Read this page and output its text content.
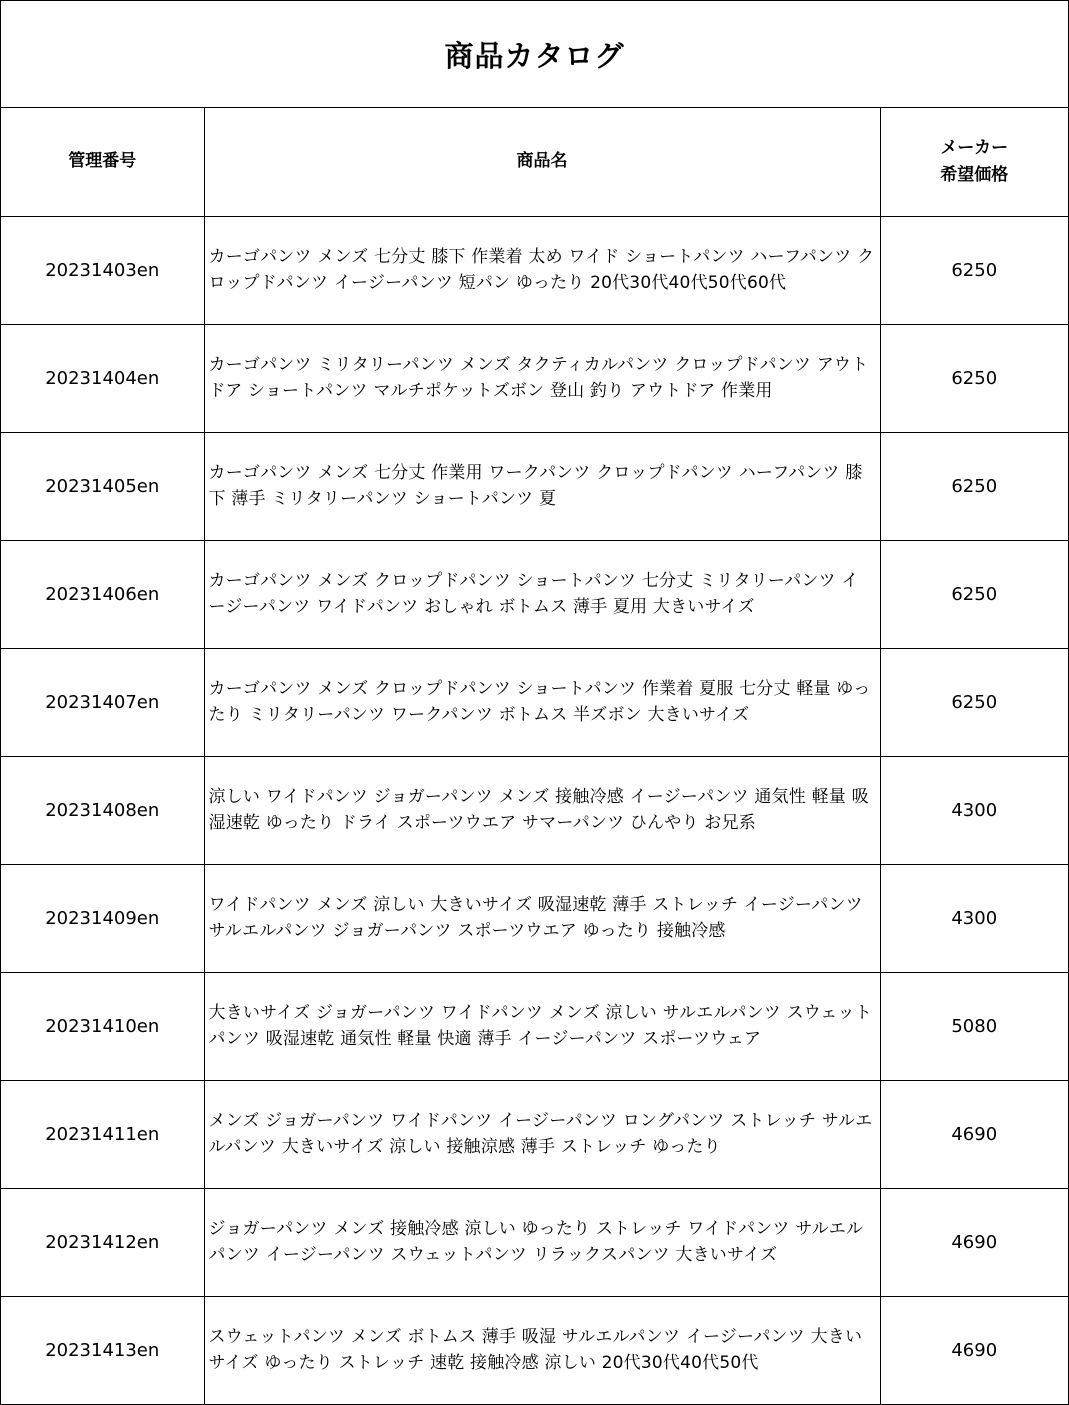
商品カタログ
管理番号	商品名	メーカー
希望価格

20231403en	カーゴパンツ メンズ 七分丈 膝下 作業着 太め ワイド ショートパンツ ハーフパンツ クロップドパンツ イージーパンツ 短パン ゆったり 20代30代40代50代60代	6250
20231404en	カーゴパンツ ミリタリーパンツ メンズ タクティカルパンツ クロップドパンツ アウトドア ショートパンツ マルチポケットズボン 登山 釣り アウトドア 作業用	6250
20231405en	カーゴパンツ メンズ 七分丈 作業用 ワークパンツ クロップドパンツ ハーフパンツ 膝下 薄手 ミリタリーパンツ ショートパンツ 夏	6250
20231406en	カーゴパンツ メンズ クロップドパンツ ショートパンツ 七分丈 ミリタリーパンツ イージーパンツ ワイドパンツ おしゃれ ボトムス 薄手 夏用 大きいサイズ	6250
20231407en	カーゴパンツ メンズ クロップドパンツ ショートパンツ 作業着 夏服 七分丈 軽量 ゆったり ミリタリーパンツ ワークパンツ ボトムス 半ズボン 大きいサイズ	6250
20231408en	涼しい ワイドパンツ ジョガーパンツ メンズ 接触冷感 イージーパンツ 通気性 軽量 吸湿速乾 ゆったり ドライ スポーツウエア サマーパンツ ひんやり お兄系	4300
20231409en	ワイドパンツ メンズ 涼しい 大きいサイズ 吸湿速乾 薄手 ストレッチ イージーパンツ サルエルパンツ ジョガーパンツ スポーツウエア ゆったり 接触冷感	4300
20231410en	大きいサイズ ジョガーパンツ ワイドパンツ メンズ 涼しい サルエルパンツ スウェットパンツ 吸湿速乾 通気性 軽量 快適 薄手 イージーパンツ スポーツウェア	5080
20231411en	メンズ ジョガーパンツ ワイドパンツ イージーパンツ ロングパンツ ストレッチ サルエルパンツ 大きいサイズ 涼しい 接触涼感 薄手 ストレッチ ゆったり	4690
20231412en	ジョガーパンツ メンズ 接触冷感 涼しい ゆったり ストレッチ ワイドパンツ サルエルパンツ イージーパンツ スウェットパンツ リラックスパンツ 大きいサイズ	4690
20231413en	スウェットパンツ メンズ ボトムス 薄手 吸湿 サルエルパンツ イージーパンツ 大きいサイズ ゆったり ストレッチ 速乾 接触冷感 涼しい 20代30代40代50代	4690
